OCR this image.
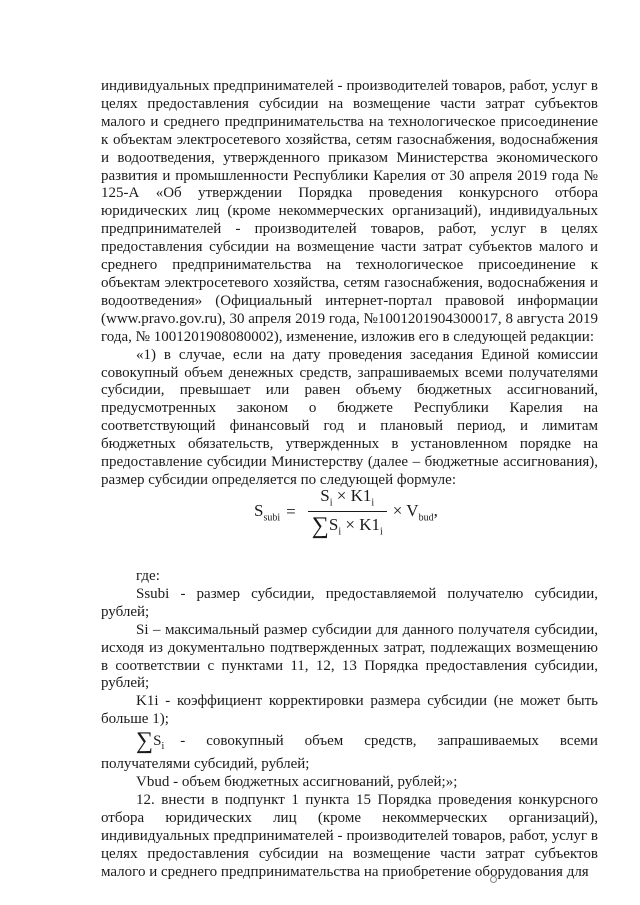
индивидуальных предпринимателей - производителей товаров, работ, услуг в целях предоставления субсидии на возмещение части затрат субъектов малого и среднего предпринимательства на технологическое присоединение к объектам электросетевого хозяйства, сетям газоснабжения, водоснабжения и водоотведения, утвержденного приказом Министерства экономического развития и промышленности Республики Карелия от 30 апреля 2019 года № 125-А «Об утверждении Порядка проведения конкурсного отбора юридических лиц (кроме некоммерческих организаций), индивидуальных предпринимателей - производителей товаров, работ, услуг в целях предоставления субсидии на возмещение части затрат субъектов малого и среднего предпринимательства на технологическое присоединение к объектам электросетевого хозяйства, сетям газоснабжения, водоснабжения и водоотведения» (Официальный интернет-портал правовой информации (www.pravo.gov.ru), 30 апреля 2019 года, №1001201904300017, 8 августа 2019 года, № 1001201908080002), изменение, изложив его в следующей редакции:

«1) в случае, если на дату проведения заседания Единой комиссии совокупный объем денежных средств, запрашиваемых всеми получателями субсидии, превышает или равен объему бюджетных ассигнований, предусмотренных законом о бюджете Республики Карелия на соответствующий финансовый год и плановый период, и лимитам бюджетных обязательств, утвержденных в установленном порядке на предоставление субсидии Министерству (далее – бюджетные ассигнования), размер субсидии определяется по следующей формуле:

$S_{subi} = \frac{S_i \times K1_i}{\sum S_i \times K1_i} \times V_{bud}$,

где:

Ssubi - размер субсидии, предоставляемой получателю субсидии, рублей;

Si – максимальный размер субсидии для данного получателя субсидии, исходя из документально подтвержденных затрат, подлежащих возмещению в соответствии с пунктами 11, 12, 13 Порядка предоставления субсидии, рублей;

K1i - коэффициент корректировки размера субсидии (не может быть больше 1);

$\sum S_i$ - совокупный объем средств, запрашиваемых всеми

получателями субсидий, рублей;

Vbud - объем бюджетных ассигнований, рублей;»;

12. внести в подпункт 1 пункта 15 Порядка проведения конкурсного отбора юридических лиц (кроме некоммерческих организаций), индивидуальных предпринимателей - производителей товаров, работ, услуг в целях предоставления субсидии на возмещение части затрат субъектов малого и среднего предпринимательства на приобретение оборудования для
